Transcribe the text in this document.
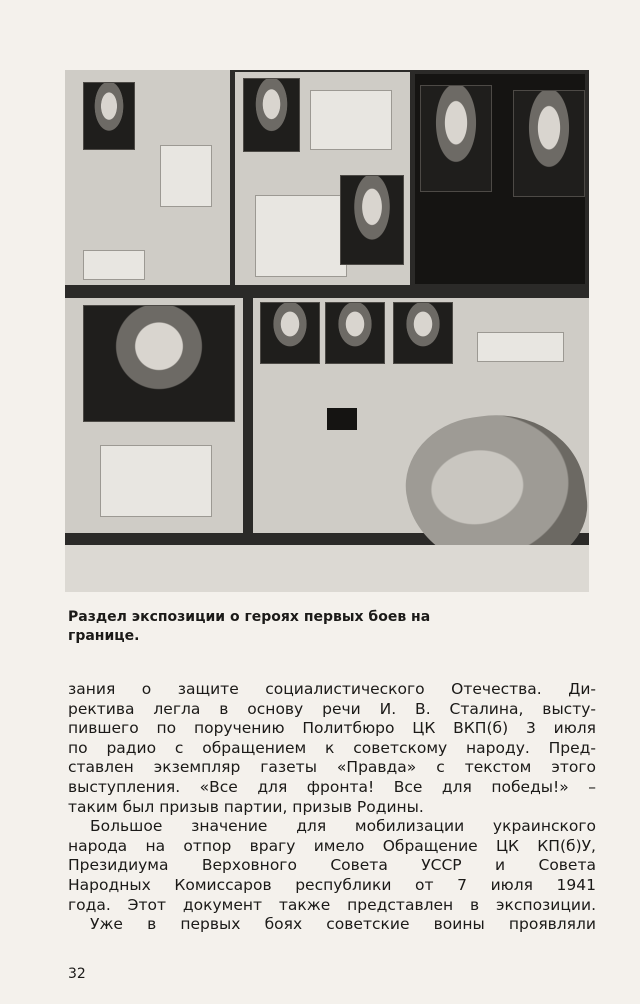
Раздел экспозиции о героях первых боев на
границе.
зания о защите социалистического Отечества. Ди-
ректива легла в основу речи И. В. Сталина, высту-
пившего по поручению Политбюро ЦК ВКП(б) 3 июля
по радио с обращением к советскому народу. Пред-
ставлен экземпляр газеты «Правда» с текстом этого
выступления. «Все для фронта! Все для победы!» –
таким был призыв партии, призыв Родины.
Большое значение для мобилизации украинского
народа на отпор врагу имело Обращение ЦК КП(б)У,
Президиума Верховного Совета УССР и Совета
Народных Комиссаров республики от 7 июля 1941
года. Этот документ также представлен в экспозиции.
Уже в первых боях советские воины проявляли
32
